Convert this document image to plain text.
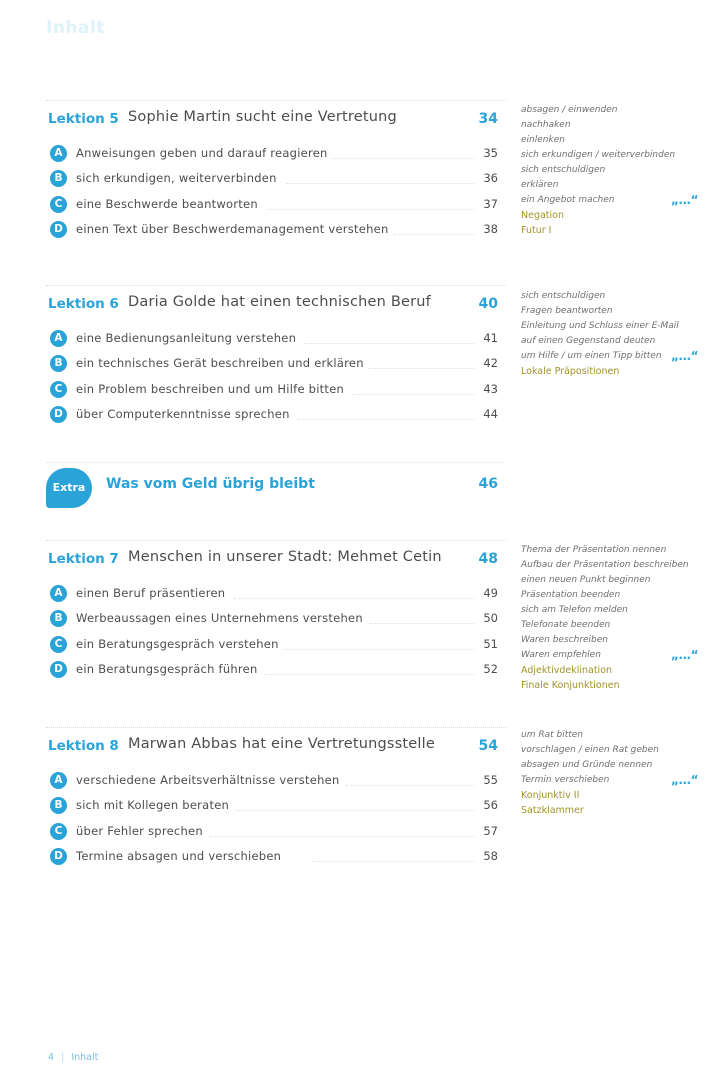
Inhalt
Lektion 5 Sophie Martin sucht eine Vertretung	34
A	Anweisungen geben und darauf reagieren	35
B	sich erkundigen, weiterverbinden	36
C	eine Beschwerde beantworten	37
D	einen Text über Beschwerdemanagement verstehen	38
absagen / einwenden
nachhaken
einlenken
sich erkundigen / weiterverbinden
sich entschuldigen
erklären
ein Angebot machen	„...“
Negation
Futur I
Lektion 6 Daria Golde hat einen technischen Beruf	40
A	eine Bedienungsanleitung verstehen	41
B	ein technisches Gerät beschreiben und erklären	42
C	ein Problem beschreiben und um Hilfe bitten	43
D	über Computerkenntnisse sprechen	44
sich entschuldigen
Fragen beantworten
Einleitung und Schluss einer E-Mail
auf einen Gegenstand deuten
um Hilfe / um einen Tipp bitten „...“
Lokale Präpositionen
Extra	Was vom Geld übrig bleibt	46
Lektion 7 Menschen in unserer Stadt: Mehmet Cetin	48
A	einen Beruf präsentieren	49
B	Werbeaussagen eines Unternehmens verstehen	50
C	ein Beratungsgespräch verstehen	51
D	ein Beratungsgespräch führen	52
Thema der Präsentation nennen
Aufbau der Präsentation beschreiben
einen neuen Punkt beginnen
Präsentation beenden
sich am Telefon melden
Telefonate beenden
Waren beschreiben
Waren empfehlen	„...“
Adjektivdeklination
Finale Konjunktionen
Lektion 8 Marwan Abbas hat eine Vertretungsstelle	54
A	verschiedene Arbeitsverhältnisse verstehen	55
B	sich mit Kollegen beraten	56
C	über Fehler sprechen	57
D	Termine absagen und verschieben	58
um Rat bitten
vorschlagen / einen Rat geben
absagen und Gründe nennen
Termin verschieben	„...“
Konjunktiv II
Satzklammer
4 | Inhalt
